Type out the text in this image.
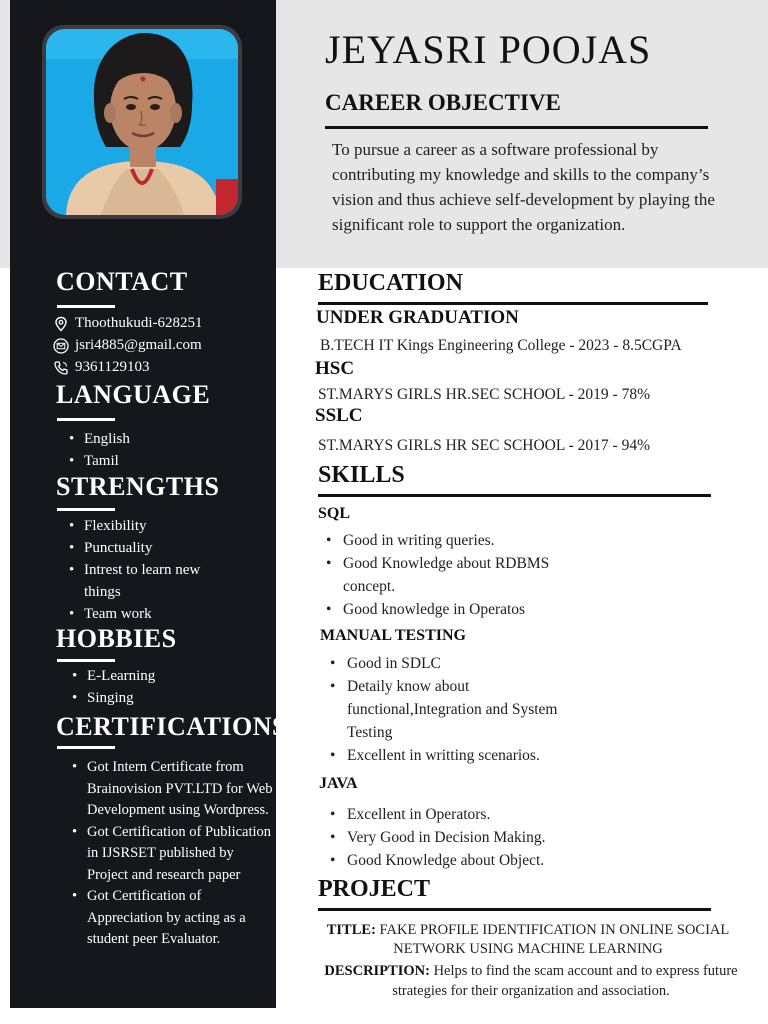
CONTACT
Thoothukudi-628251
jsri4885@gmail.com
9361129103
LANGUAGE
• English
• Tamil
STRENGTHS
• Flexibility
• Punctuality
• Intrest to learn new things
• Team work
HOBBIES
• E-Learning
• Singing
CERTIFICATIONS
• Got Intern Certificate from Brainovision PVT.LTD for Web Development using Wordpress.
• Got Certification of Publication in IJSRSET published by Project and research paper
• Got Certification of Appreciation by acting as a student peer Evaluator.
JEYASRI POOJAS
CAREER OBJECTIVE

To pursue a career as a software professional by contributing my knowledge and skills to the company’s vision and thus achieve self-development by playing the significant role to support the organization.

EDUCATION
UNDER GRADUATION

B.TECH IT Kings Engineering College - 2023 - 8.5CGPA

HSC

ST.MARYS GIRLS HR.SEC SCHOOL - 2019 - 78%

SSLC

ST.MARYS GIRLS HR SEC SCHOOL - 2017 - 94%

SKILLS
SQL
• Good in writing queries.
• Good Knowledge about RDBMS concept.
• Good knowledge in Operatos
MANUAL TESTING
• Good in SDLC
• Detaily know about functional,Integration and System Testing
• Excellent in writting scenarios.
JAVA
• Excellent in Operators.
• Very Good in Decision Making.
• Good Knowledge about Object.
PROJECT

TITLE: FAKE PROFILE IDENTIFICATION IN ONLINE SOCIAL NETWORK USING MACHINE LEARNING

DESCRIPTION: Helps to find the scam account and to express future strategies for their organization and association.
